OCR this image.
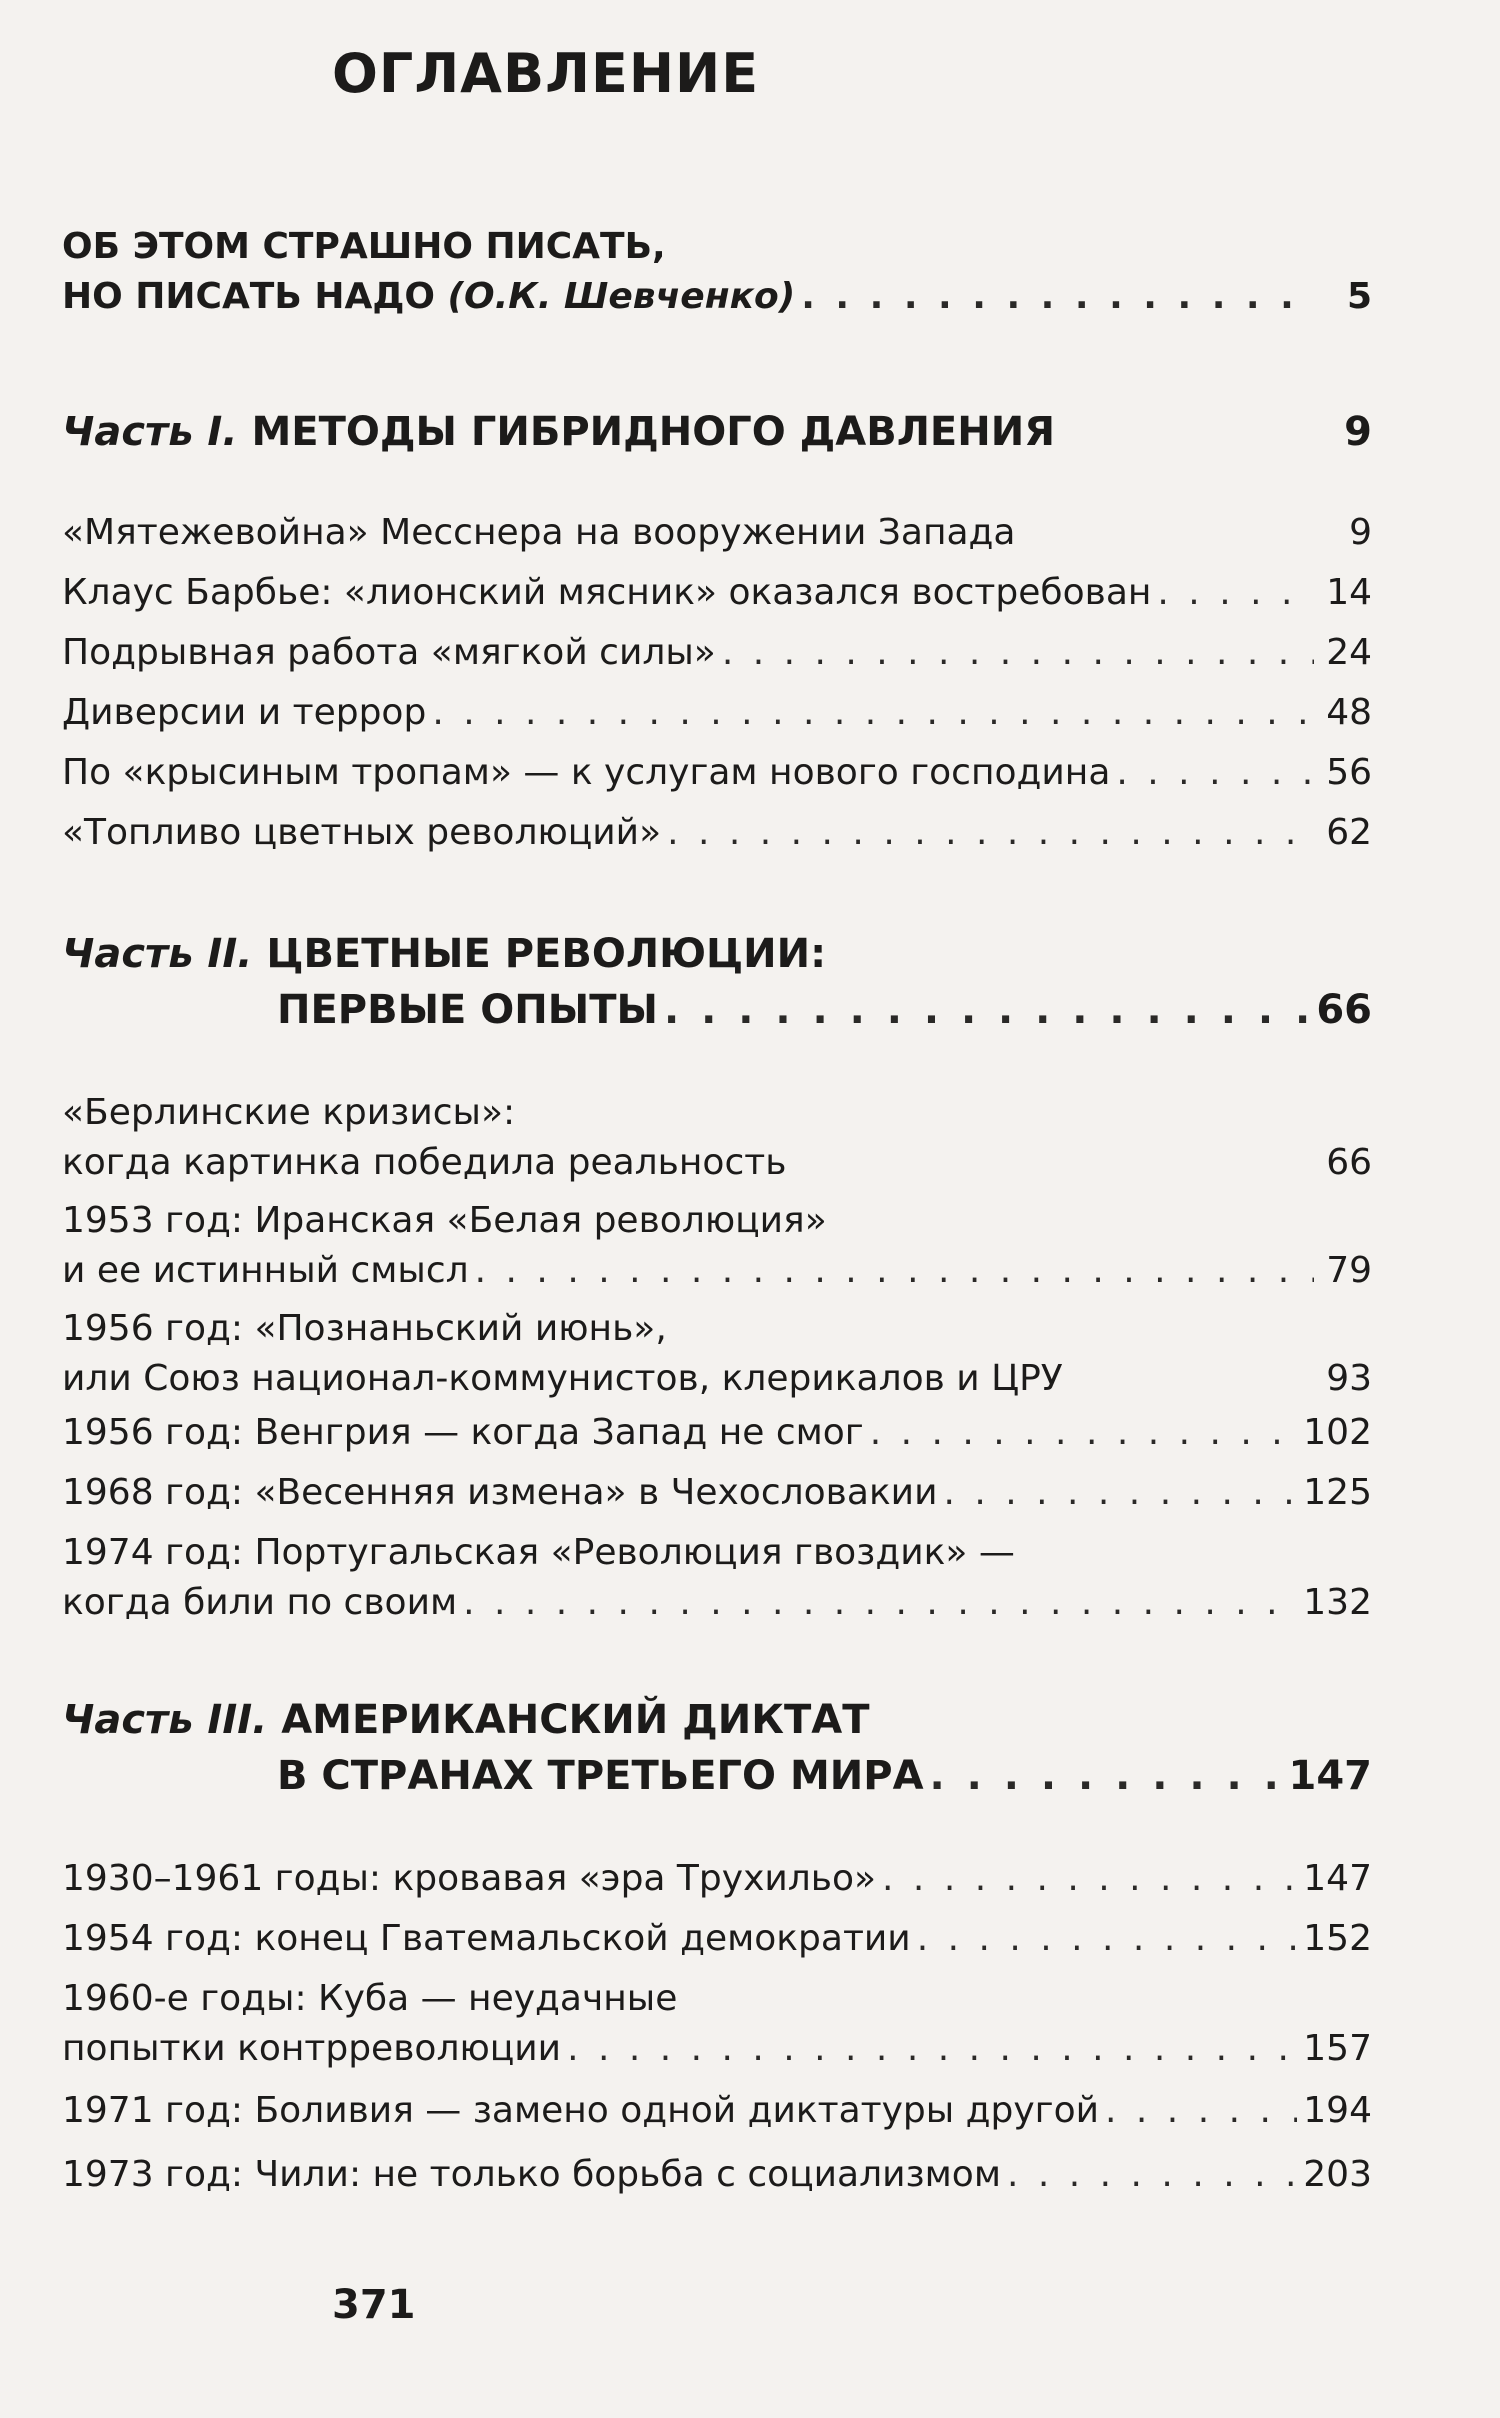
ОГЛАВЛЕНИЕ
ОБ ЭТОМ СТРАШНО ПИСАТЬ,
НО ПИСАТЬ НАДО (О.К. Шевченко) . . .	5
Часть I. МЕТОДЫ ГИБРИДНОГО ДАВЛЕНИЯ	9
«Мятежевойна» Месснера на вооружении Запада	9
Клаус Барбье: «лионский мясник» оказался востребован . . .	14
Подрывная работа «мягкой силы» . . .	24
Диверсии и террор . . .	48
По «крысиным тропам» — к услугам нового господина . . .	56
«Топливо цветных революций» . . .	62
Часть II. ЦВЕТНЫЕ РЕВОЛЮЦИИ:
ПЕРВЫЕ ОПЫТЫ . . .	66
«Берлинские кризисы»:
когда картинка победила реальность	66
1953 год: Иранская «Белая революция»
и ее истинный смысл . . .	79
1956 год: «Познаньский июнь»,
или Союз национал-коммунистов, клерикалов и ЦРУ	93
1956 год: Венгрия — когда Запад не смог . . .	102
1968 год: «Весенняя измена» в Чехословакии . . .	125
1974 год: Португальская «Революция гвоздик» —
когда били по своим . . .	132
Часть III. АМЕРИКАНСКИЙ ДИКТАТ
В СТРАНАХ ТРЕТЬЕГО МИРА . . .	147
1930–1961 годы: кровавая «эра Трухильо» . . .	147
1954 год: конец Гватемальской демократии . . .	152
1960-е годы: Куба — неудачные
попытки контрреволюции . . .	157
1971 год: Боливия — замено одной диктатуры другой . . .	194
1973 год: Чили: не только борьба с социализмом . . .	203
371
